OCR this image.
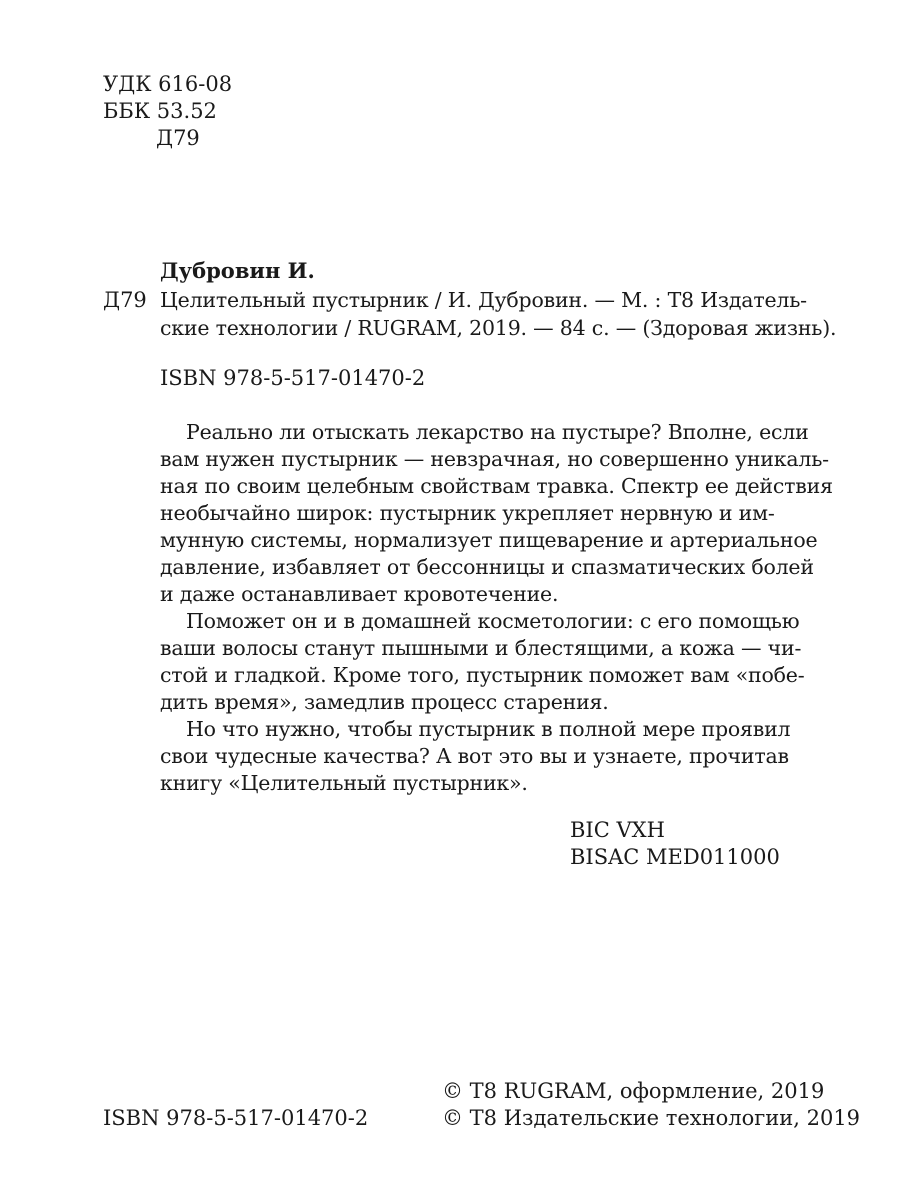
УДК 616-08
ББК 53.52
Д79
Дубровин И.
Д79 Целительный пустырник / И. Дубровин. — М. : Т8 Издатель-
ские технологии / RUGRAM, 2019. — 84 с. — (Здоровая жизнь).
ISBN 978-5-517-01470-2
Реально ли отыскать лекарство на пустыре? Вполне, если
вам нужен пустырник — невзрачная, но совершенно уникаль-
ная по своим целебным свойствам травка. Спектр ее действия
необычайно широк: пустырник укрепляет нервную и им-
мунную системы, нормализует пищеварение и артериальное
давление, избавляет от бессонницы и спазматических болей
и даже останавливает кровотечение.
Поможет он и в домашней косметологии: с его помощью
ваши волосы станут пышными и блестящими, а кожа — чи-
стой и гладкой. Кроме того, пустырник поможет вам «побе-
дить время», замедлив процесс старения.
Но что нужно, чтобы пустырник в полной мере проявил
свои чудесные качества? А вот это вы и узнаете, прочитав
книгу «Целительный пустырник».
BIC VXH
BISAC MED011000
ISBN 978-5-517-01470-2
© Т8 RUGRAM, оформление, 2019
© Т8 Издательские технологии, 2019
